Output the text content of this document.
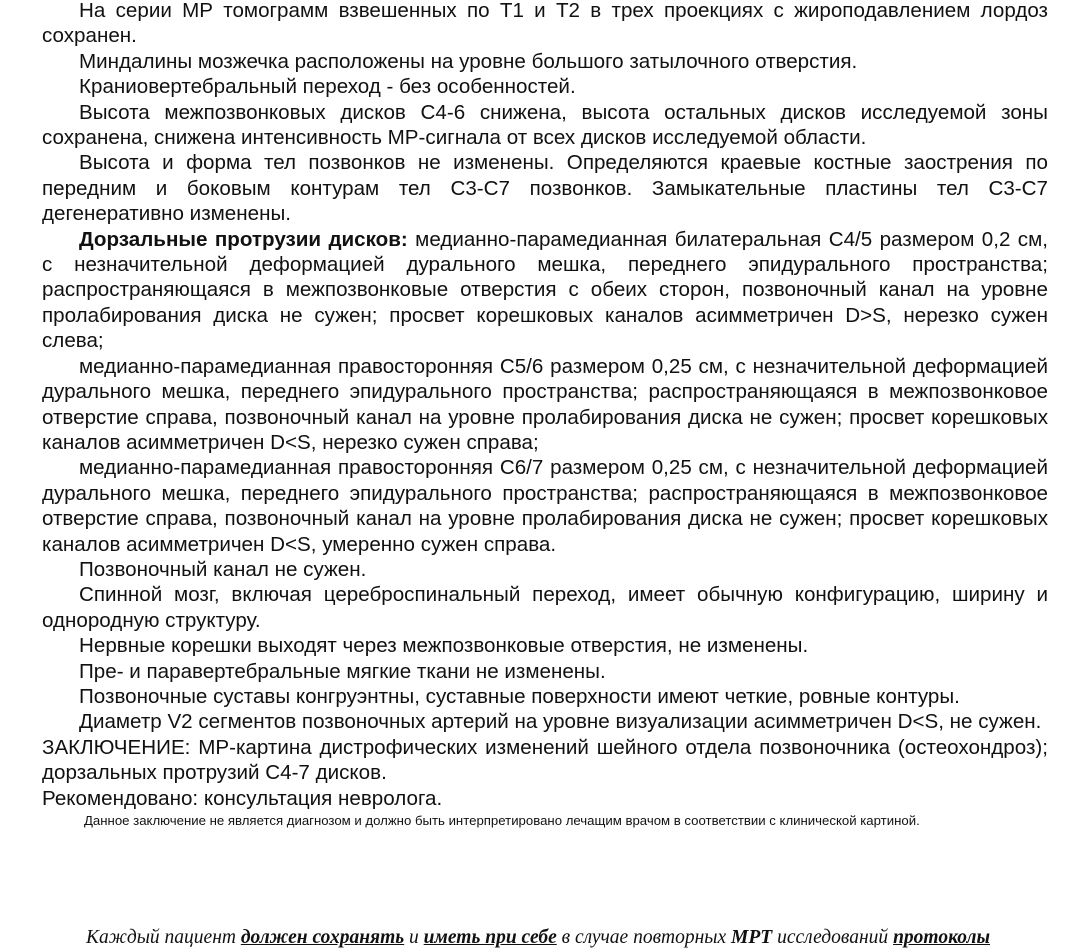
На серии МР томограмм взвешенных по Т1 и Т2 в трех проекциях с жироподавлением лордоз сохранен.

Миндалины мозжечка расположены на уровне большого затылочного отверстия.

Краниовертебральный переход - без особенностей.

Высота межпозвонковых дисков С4-6 снижена, высота остальных дисков исследуемой зоны сохранена, снижена интенсивность МР-сигнала от всех дисков исследуемой области.

Высота и форма тел позвонков не изменены. Определяются краевые костные заострения по передним и боковым контурам тел С3-С7 позвонков. Замыкательные пластины тел С3-С7 дегенеративно изменены.

Дорзальные протрузии дисков: медианно-парамедианная билатеральная С4/5 размером 0,2 см, с незначительной деформацией дурального мешка, переднего эпидурального пространства; распространяющаяся в межпозвонковые отверстия с обеих сторон, позвоночный канал на уровне пролабирования диска не сужен; просвет корешковых каналов асимметричен D>S, нерезко сужен слева;

медианно-парамедианная правосторонняя С5/6 размером 0,25 см, с незначительной деформацией дурального мешка, переднего эпидурального пространства; распространяющаяся в межпозвонковое отверстие справа, позвоночный канал на уровне пролабирования диска не сужен; просвет корешковых каналов асимметричен D<S, нерезко сужен справа;

медианно-парамедианная правосторонняя С6/7 размером 0,25 см, с незначительной деформацией дурального мешка, переднего эпидурального пространства; распространяющаяся в межпозвонковое отверстие справа, позвоночный канал на уровне пролабирования диска не сужен; просвет корешковых каналов асимметричен D<S, умеренно сужен справа.

Позвоночный канал не сужен.

Спинной мозг, включая цереброспинальный переход, имеет обычную конфигурацию, ширину и однородную структуру.

Нервные корешки выходят через межпозвонковые отверстия, не изменены.

Пре- и паравертебральные мягкие ткани не изменены.

Позвоночные суставы конгруэнтны, суставные поверхности имеют четкие, ровные контуры.

Диаметр V2 сегментов позвоночных артерий на уровне визуализации асимметричен D<S, не сужен.

ЗАКЛЮЧЕНИЕ: МР-картина дистрофических изменений шейного отдела позвоночника (остеохондроз); дорзальных протрузий С4-7 дисков.

Рекомендовано: консультация невролога.

Данное заключение не является диагнозом и должно быть интерпретировано лечащим врачом в соответствии с клинической картиной.

Каждый пациент должен сохранять и иметь при себе в случае повторных МРТ исследований протоколы
